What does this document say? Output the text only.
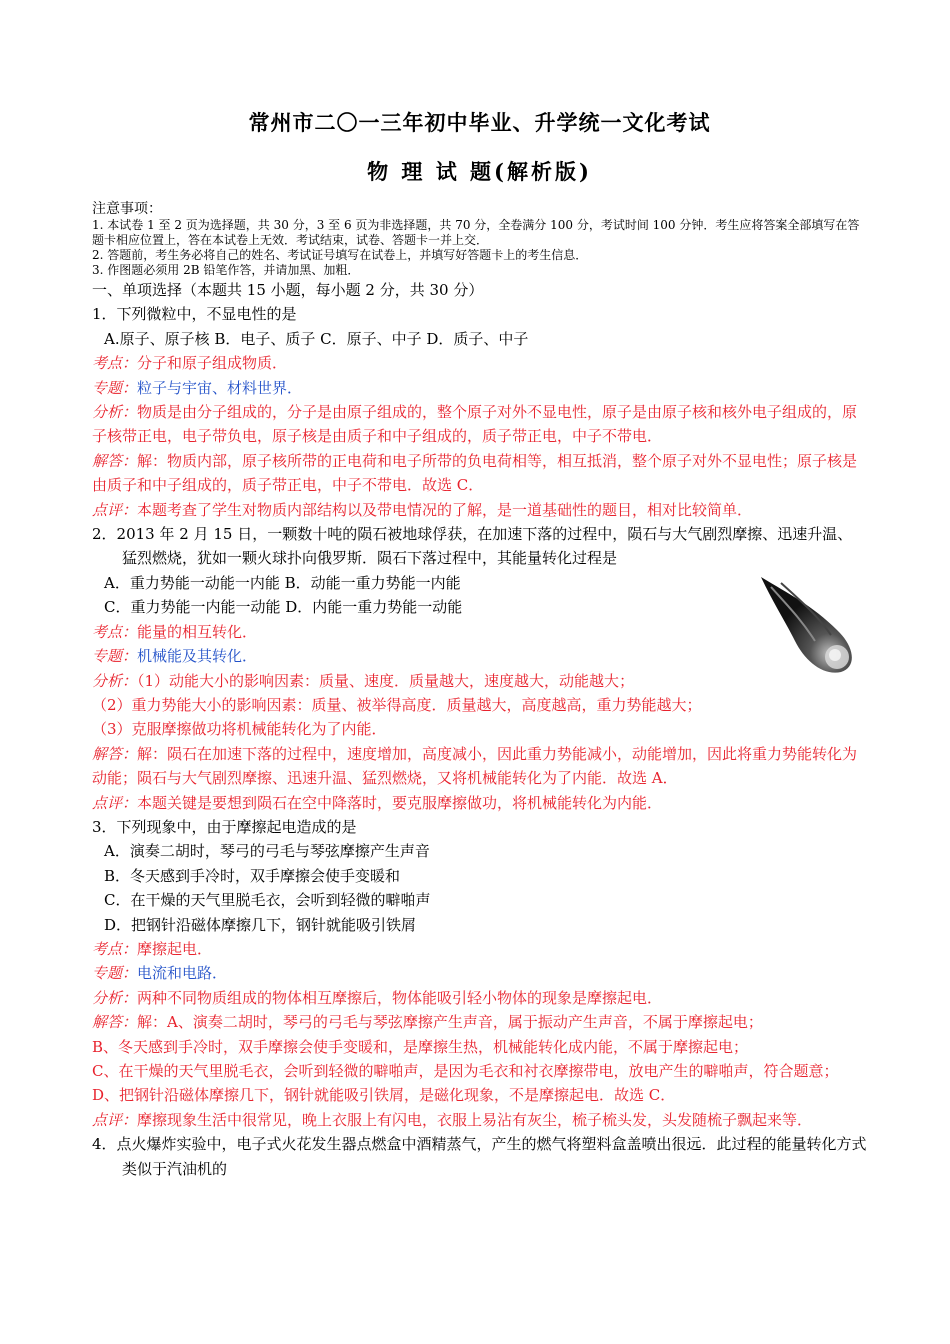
常州市二〇一三年初中毕业、升学统一文化考试
物 理 试 题(解析版)

注意事项：

1. 本试卷 1 至 2 页为选择题，共 30 分，3 至 6 页为非选择题，共 70 分，全卷满分 100 分，考试时间 100 分钟．考生应将答案全部填写在答题卡相应位置上，答在本试卷上无效．考试结束，试卷、答题卡一并上交．

2. 答题前，考生务必将自己的姓名、考试证号填写在试卷上，并填写好答题卡上的考生信息．

3. 作图题必须用 2B 铅笔作答，并请加黑、加粗．

一、单项选择（本题共 15 小题，每小题 2 分，共 30 分）

1．下列微粒中，不显电性的是

A.原子、原子核 B．电子、质子 C．原子、中子 D．质子、中子

考点：分子和原子组成物质．

专题：粒子与宇宙、材料世界．

分析：物质是由分子组成的，分子是由原子组成的，整个原子对外不显电性，原子是由原子核和核外电子组成的，原子核带正电，电子带负电，原子核是由质子和中子组成的，质子带正电，中子不带电．

解答：解：物质内部，原子核所带的正电荷和电子所带的负电荷相等，相互抵消，整个原子对外不显电性；原子核是由质子和中子组成的，质子带正电，中子不带电．故选 C．

点评：本题考查了学生对物质内部结构以及带电情况的了解，是一道基础性的题目，相对比较简单．

2．2013 年 2 月 15 日，一颗数十吨的陨石被地球俘获，在加速下落的过程中，陨石与大气剧烈摩擦、迅速升温、猛烈燃烧，犹如一颗火球扑向俄罗斯．陨石下落过程中，其能量转化过程是

A．重力势能一动能一内能 B．动能一重力势能一内能

C．重力势能一内能一动能 D．内能一重力势能一动能

考点：能量的相互转化．

专题：机械能及其转化．

分析：（1）动能大小的影响因素：质量、速度．质量越大，速度越大，动能越大；

（2）重力势能大小的影响因素：质量、被举得高度．质量越大，高度越高，重力势能越大；

（3）克服摩擦做功将机械能转化为了内能．

解答：解：陨石在加速下落的过程中，速度增加，高度减小，因此重力势能减小，动能增加，因此将重力势能转化为动能；陨石与大气剧烈摩擦、迅速升温、猛烈燃烧，又将机械能转化为了内能．故选 A．

点评：本题关键是要想到陨石在空中降落时，要克服摩擦做功，将机械能转化为内能．

3．下列现象中，由于摩擦起电造成的是

A．演奏二胡时，琴弓的弓毛与琴弦摩擦产生声音

B．冬天感到手冷时，双手摩擦会使手变暖和

C．在干燥的天气里脱毛衣，会听到轻微的噼啪声

D．把钢针沿磁体摩擦几下，钢针就能吸引铁屑

考点：摩擦起电．

专题：电流和电路．

分析：两种不同物质组成的物体相互摩擦后，物体能吸引轻小物体的现象是摩擦起电．

解答：解：A、演奏二胡时，琴弓的弓毛与琴弦摩擦产生声音，属于振动产生声音，不属于摩擦起电；

B、冬天感到手冷时，双手摩擦会使手变暖和，是摩擦生热，机械能转化成内能，不属于摩擦起电；

C、在干燥的天气里脱毛衣，会听到轻微的噼啪声，是因为毛衣和衬衣摩擦带电，放电产生的噼啪声，符合题意； D、把钢针沿磁体摩擦几下，钢针就能吸引铁屑，是磁化现象，不是摩擦起电．故选 C．

点评：摩擦现象生活中很常见，晚上衣服上有闪电，衣服上易沾有灰尘，梳子梳头发，头发随梳子飘起来等．

4．点火爆炸实验中，电子式火花发生器点燃盒中酒精蒸气，产生的燃气将塑料盒盖喷出很远．此过程的能量转化方式类似于汽油机的
